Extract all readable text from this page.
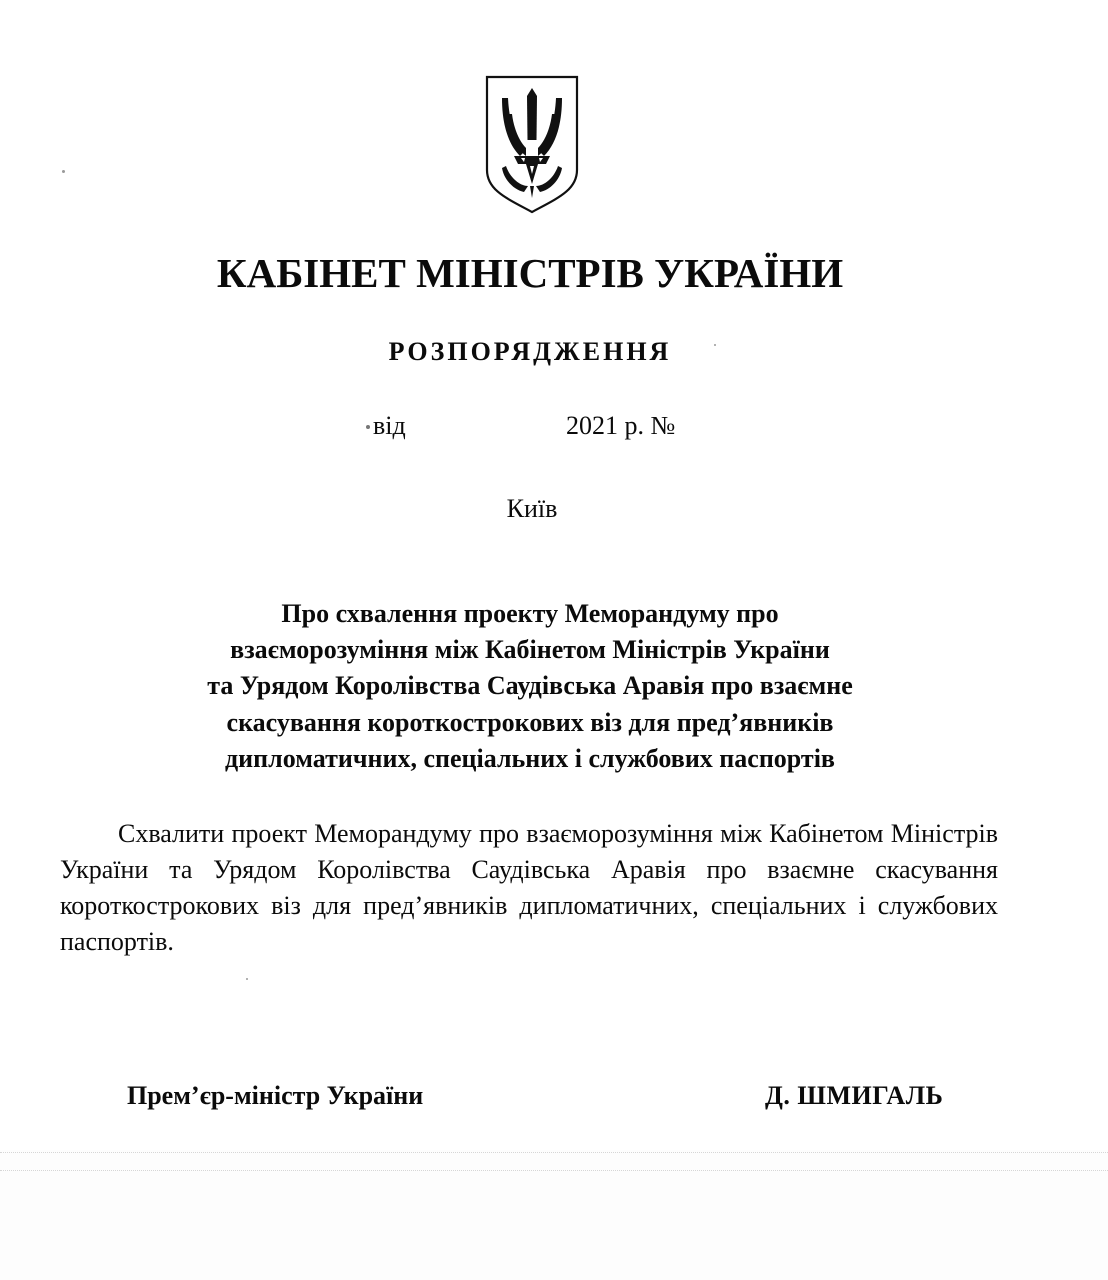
КАБІНЕТ МІНІСТРІВ УКРАЇНИ
РОЗПОРЯДЖЕННЯ
від	2021 р. №
Київ
Про схвалення проекту Меморандуму про
взаєморозуміння між Кабінетом Міністрів України
та Урядом Королівства Саудівська Аравія про взаємне
скасування короткострокових віз для пред’явників
дипломатичних, спеціальних і службових паспортів
Схвалити проект Меморандуму про взаєморозуміння між Кабінетом Міністрів України та Урядом Королівства Саудівська Аравія про взаємне скасування короткострокових віз для пред’явників дипломатичних, спеціальних і службових паспортів.
Прем’єр-міністр України	Д. ШМИГАЛЬ
